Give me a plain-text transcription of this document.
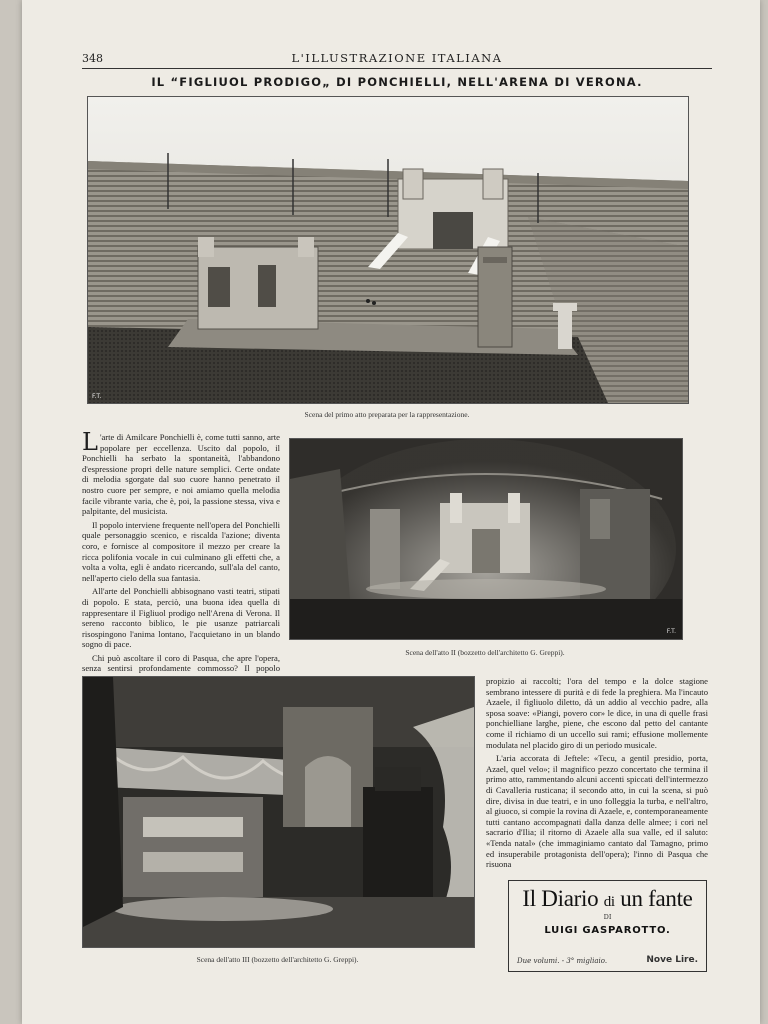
348	L'ILLUSTRAZIONE ITALIANA
IL “FIGLIUOL PRODIGO„ DI PONCHIELLI, NELL'ARENA DI VERONA.
F.T.
Scena del primo atto preparata per la rappresentazione.

L 'arte di Amilcare Ponchielli è, come tutti sanno, arte popolare per eccellenza. Uscito dal popolo, il Ponchielli ha serbato la spontaneità, l'abbandono d'espressione propri delle nature semplici. Certe ondate di melodia sgorgate dal suo cuore hanno penetrato il nostro cuore per sempre, e noi amiamo quella melodia facile vibrante varia, che è, poi, la passione stessa, viva e palpitante, del musicista.

Il popolo interviene frequente nell'opera del Ponchielli quale personaggio scenico, e riscalda l'azione; diventa coro, e fornisce al compositore il mezzo per creare la ricca polifonia vocale in cui culminano gli effetti che, a volta a volta, egli è andato ricercando, sull'ala del canto, nell'aperto cielo della sua fantasia.

All'arte del Ponchielli abbisognano vasti teatri, stipati di popolo. E stata, perciò, una buona idea quella di rappresentare il Figliuol prodigo nell'Arena di Verona. Il sereno racconto biblico, le pie usanze patriarcali risospingono l'anima lontano, l'acquietano in un blando sogno di pace.

Chi può ascoltare il coro di Pasqua, che apre l'opera, senza sentirsi profondamente commosso? Il popolo

F.T.
Scena dell'atto II (bozzetto dell'architetto G. Greppi).
Scena dell'atto III (bozzetto dell'architetto G. Greppi).

propizio ai raccolti; l'ora del tempo e la dolce stagione sembrano intessere di purità e di fede la preghiera. Ma l'incauto Azaele, il figliuolo diletto, dà un addio al vecchio padre, alla sposa soave: «Piangi, povero cor» le dice, in una di quelle frasi ponchielliane larghe, piene, che escono dal petto del cantante come il richiamo di un uccello sui rami; effusione mollemente modulata nel placido giro di un periodo musicale.

L'aria accorata di Jeftele: «Tecu, a gentil presidio, porta, Azael, quel velo»; il magnifico pezzo concertato che termina il primo atto, rammentando alcuni accenti spiccati dell'intermezzo di Cavalleria rusticana; il secondo atto, in cui la scena, si può dire, divisa in due teatri, e in uno folleggia la turba, e nell'altro, al giuoco, si compie la rovina di Azaele, e, contemporaneamente tutti cantano accompagnati dalla danza delle almee; i cori nel sacrario d'Ilia; il ritorno di Azaele alla sua valle, ed il saluto: «Tenda natal» (che immaginiamo cantato dal Tamagno, primo ed insuperabile protagonista dell'opera); l'inno di Pasqua che risuona

Il Diario di un fante
DI
LUIGI GASPAROTTO.
Due volumi. - 3° migliaio.	Nove Lire.
